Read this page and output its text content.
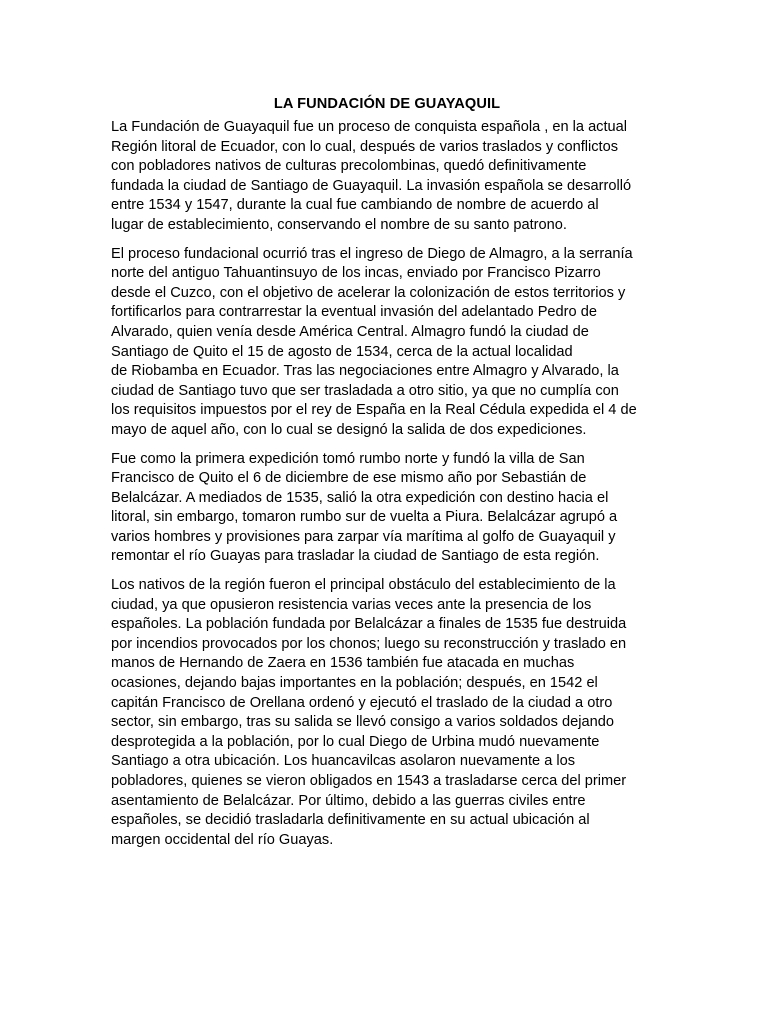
LA FUNDACIÓN DE GUAYAQUIL

La Fundación de Guayaquil fue un proceso de conquista española , en la actual
Región litoral de Ecuador, con lo cual, después de varios traslados y conflictos
con pobladores nativos de culturas precolombinas, quedó definitivamente
fundada la ciudad de Santiago de Guayaquil. La invasión española se desarrolló
entre 1534 y 1547, durante la cual fue cambiando de nombre de acuerdo al
lugar de establecimiento, conservando el nombre de su santo patrono.

El proceso fundacional ocurrió tras el ingreso de Diego de Almagro, a la serranía
norte del antiguo Tahuantinsuyo de los incas, enviado por Francisco Pizarro
desde el Cuzco, con el objetivo de acelerar la colonización de estos territorios y
fortificarlos para contrarrestar la eventual invasión del adelantado Pedro de
Alvarado, quien venía desde América Central. Almagro fundó la ciudad de
Santiago de Quito el 15 de agosto de 1534, cerca de la actual localidad
de Riobamba en Ecuador. Tras las negociaciones entre Almagro y Alvarado, la
ciudad de Santiago tuvo que ser trasladada a otro sitio, ya que no cumplía con
los requisitos impuestos por el rey de España en la Real Cédula expedida el 4 de
mayo de aquel año, con lo cual se designó la salida de dos expediciones.

Fue como la primera expedición tomó rumbo norte y fundó la villa de San
Francisco de Quito el 6 de diciembre de ese mismo año por Sebastián de
Belalcázar. A mediados de 1535, salió la otra expedición con destino hacia el
litoral, sin embargo, tomaron rumbo sur de vuelta a Piura. Belalcázar agrupó a
varios hombres y provisiones para zarpar vía marítima al golfo de Guayaquil y
remontar el río Guayas para trasladar la ciudad de Santiago de esta región.

Los nativos de la región fueron el principal obstáculo del establecimiento de la
ciudad, ya que opusieron resistencia varias veces ante la presencia de los
españoles. La población fundada por Belalcázar a finales de 1535 fue destruida
por incendios provocados por los chonos; luego su reconstrucción y traslado en
manos de Hernando de Zaera en 1536 también fue atacada en muchas
ocasiones, dejando bajas importantes en la población; después, en 1542 el
capitán Francisco de Orellana ordenó y ejecutó el traslado de la ciudad a otro
sector, sin embargo, tras su salida se llevó consigo a varios soldados dejando
desprotegida a la población, por lo cual Diego de Urbina mudó nuevamente
Santiago a otra ubicación. Los huancavilcas asolaron nuevamente a los
pobladores, quienes se vieron obligados en 1543 a trasladarse cerca del primer
asentamiento de Belalcázar. Por último, debido a las guerras civiles entre
españoles, se decidió trasladarla definitivamente en su actual ubicación al
margen occidental del río Guayas.
